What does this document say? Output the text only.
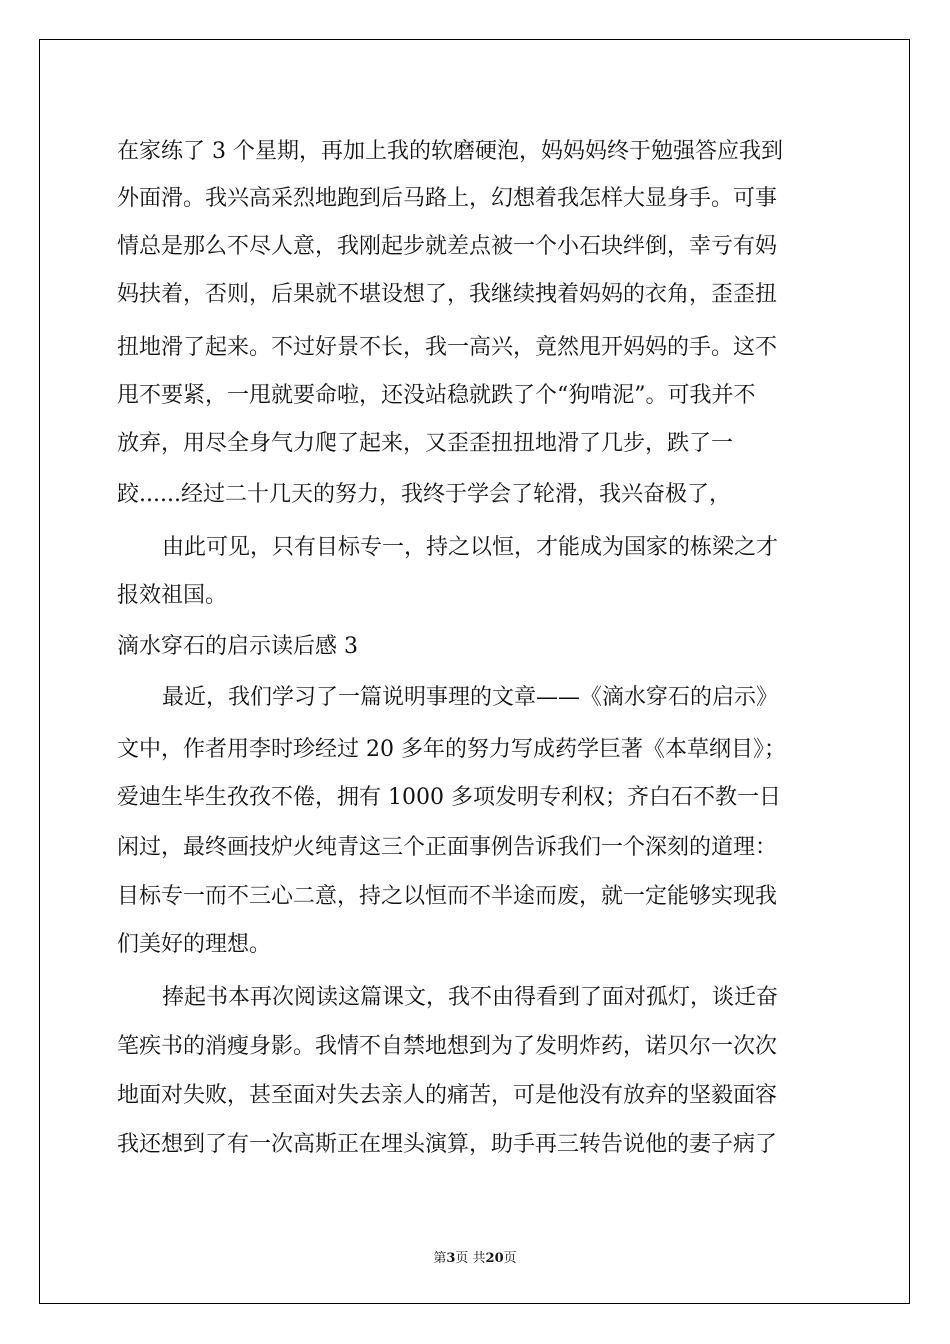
在家练了 3 个星期，再加上我的软磨硬泡，妈妈妈终于勉强答应我到

外面滑。我兴高采烈地跑到后马路上，幻想着我怎样大显身手。可事

情总是那么不尽人意，我刚起步就差点被一个小石块绊倒，幸亏有妈

妈扶着，否则，后果就不堪设想了，我继续拽着妈妈的衣角，歪歪扭

扭地滑了起来。不过好景不长，我一高兴，竟然甩开妈妈的手。这不

甩不要紧，一甩就要命啦，还没站稳就跌了个“狗啃泥”。可我并不

放弃，用尽全身气力爬了起来，又歪歪扭扭地滑了几步，跌了一

跤......经过二十几天的努力，我终于学会了轮滑，我兴奋极了，

由此可见，只有目标专一，持之以恒，才能成为国家的栋梁之才

报效祖国。

滴水穿石的启示读后感 3

最近，我们学习了一篇说明事理的文章——《滴水穿石的启示》

文中，作者用李时珍经过 20 多年的努力写成药学巨著《本草纲目》；

爱迪生毕生孜孜不倦，拥有 1000 多项发明专利权；齐白石不教一日

闲过，最终画技炉火纯青这三个正面事例告诉我们一个深刻的道理：

目标专一而不三心二意，持之以恒而不半途而废，就一定能够实现我

们美好的理想。

捧起书本再次阅读这篇课文，我不由得看到了面对孤灯，谈迁奋

笔疾书的消瘦身影。我情不自禁地想到为了发明炸药，诺贝尔一次次

地面对失败，甚至面对失去亲人的痛苦，可是他没有放弃的坚毅面容

我还想到了有一次高斯正在埋头演算，助手再三转告说他的妻子病了

第3页 共20页
